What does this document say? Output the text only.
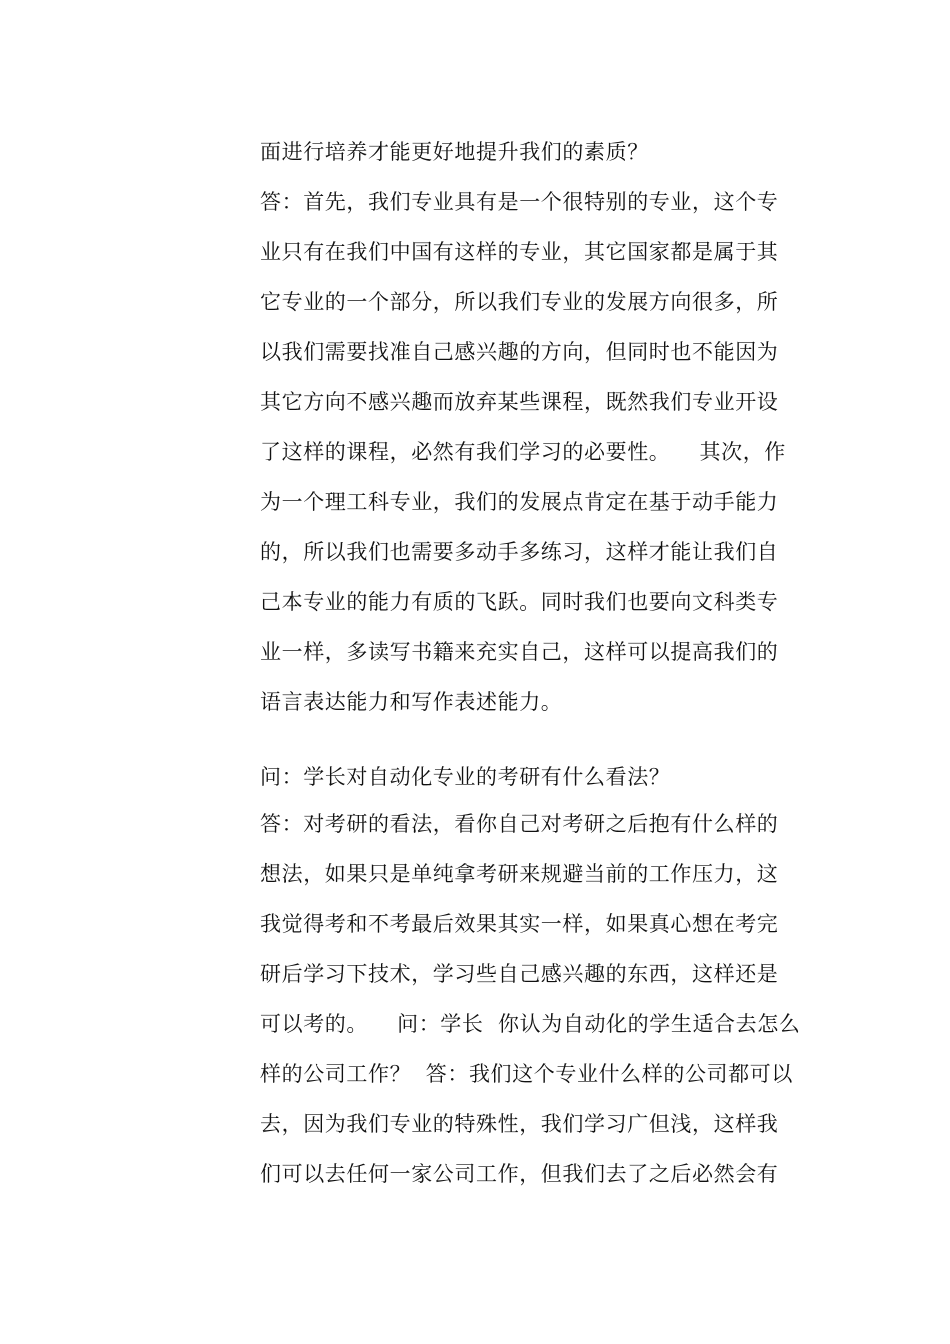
面进行培养才能更好地提升我们的素质？
答：首先，我们专业具有是一个很特别的专业，这个专
业只有在我们中国有这样的专业，其它国家都是属于其
它专业的一个部分，所以我们专业的发展方向很多，所
以我们需要找准自己感兴趣的方向，但同时也不能因为
其它方向不感兴趣而放弃某些课程，既然我们专业开设
了这样的课程，必然有我们学习的必要性。    其次，作
为一个理工科专业，我们的发展点肯定在基于动手能力
的，所以我们也需要多动手多练习，这样才能让我们自
己本专业的能力有质的飞跃。同时我们也要向文科类专
业一样，多读写书籍来充实自己，这样可以提高我们的
语言表达能力和写作表述能力。
问：学长对自动化专业的考研有什么看法？
答：对考研的看法，看你自己对考研之后抱有什么样的
想法，如果只是单纯拿考研来规避当前的工作压力，这
我觉得考和不考最后效果其实一样，如果真心想在考完
研后学习下技术，学习些自己感兴趣的东西，这样还是
可以考的。    问：学长  你认为自动化的学生适合去怎么
样的公司工作？  答：我们这个专业什么样的公司都可以
去，因为我们专业的特殊性，我们学习广但浅，这样我
们可以去任何一家公司工作，但我们去了之后必然会有
